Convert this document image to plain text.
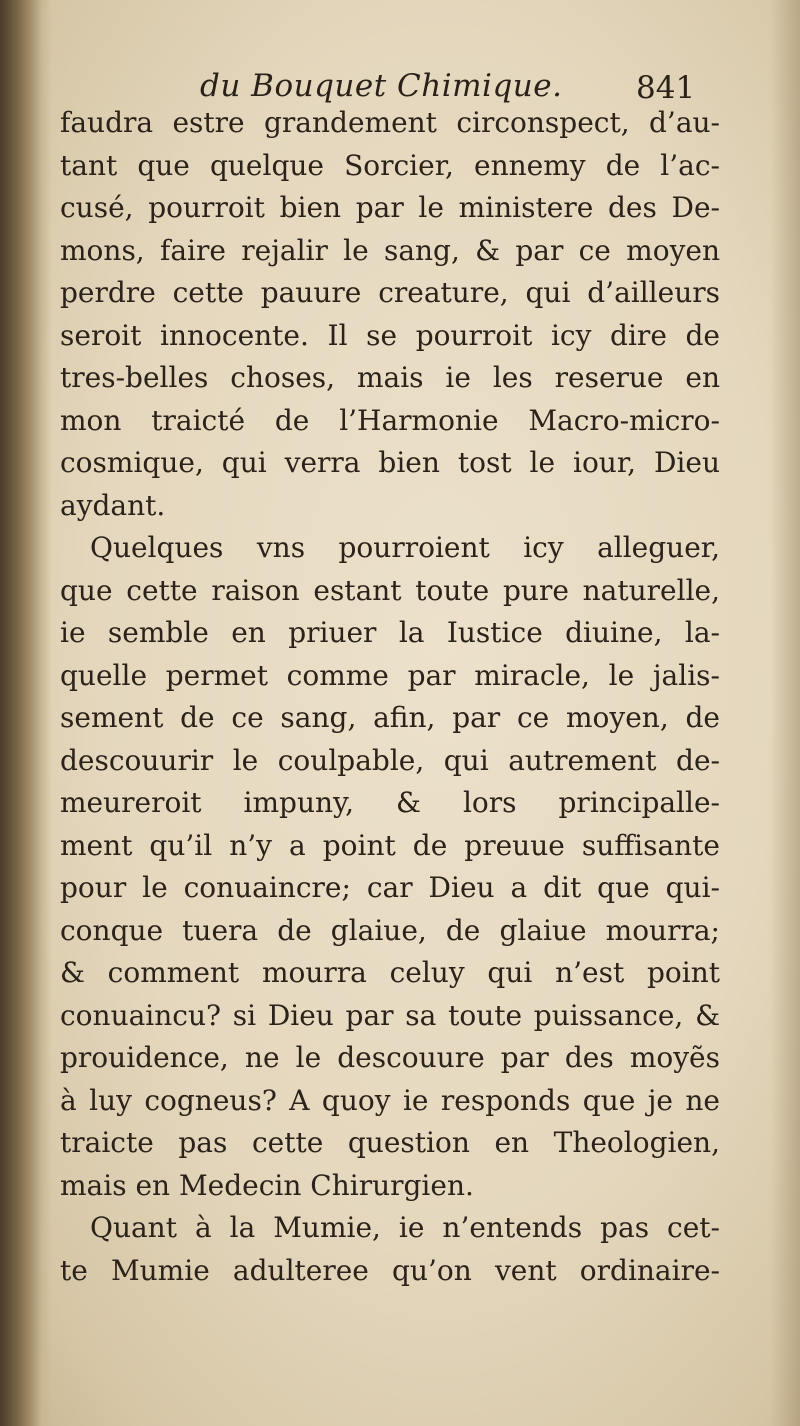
du Bouquet Chimique. 841
faudra estre grandement circonspect, d’au-
tant que quelque Sorcier, ennemy de l’ac-
cusé, pourroit bien par le ministere des De-
mons, faire rejalir le sang, & par ce moyen
perdre cette pauure creature, qui d’ailleurs
seroit innocente. Il se pourroit icy dire de
tres-belles choses, mais ie les reserue en
mon traicté de l’Harmonie Macro-micro-
cosmique, qui verra bien tost le iour, Dieu
aydant.
Quelques vns pourroient icy alleguer,
que cette raison estant toute pure naturelle,
ie semble en priuer la Iustice diuine, la-
quelle permet comme par miracle, le jalis-
sement de ce sang, afin, par ce moyen, de
descouurir le coulpable, qui autrement de-
meureroit impuny, & lors principalle-
ment qu’il n’y a point de preuue suffisante
pour le conuaincre; car Dieu a dit que qui-
conque tuera de glaiue, de glaiue mourra;
& comment mourra celuy qui n’est point
conuaincu? si Dieu par sa toute puissance, &
prouidence, ne le descouure par des moyẽs
à luy cogneus? A quoy ie responds que je ne
traicte pas cette question en Theologien,
mais en Medecin Chirurgien.
Quant à la Mumie, ie n’entends pas cet-
te Mumie adulteree qu’on vent ordinaire-
